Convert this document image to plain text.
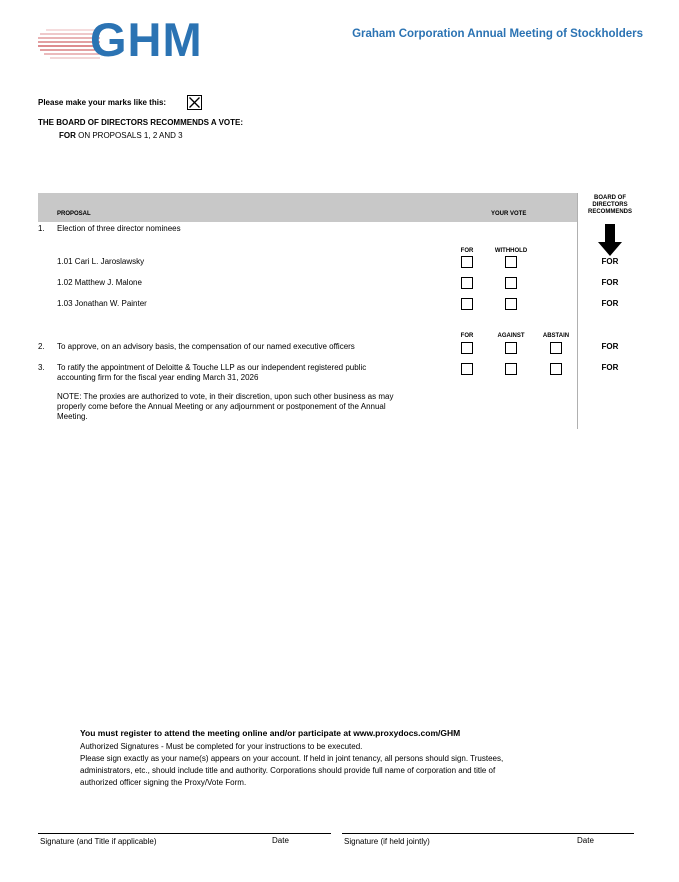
GHM	Graham Corporation Annual Meeting of Stockholders
Please make your marks like this:
THE BOARD OF DIRECTORS RECOMMENDS A VOTE:
FOR ON PROPOSALS 1, 2 AND 3
PROPOSAL	YOUR VOTE
BOARD OF DIRECTORS RECOMMENDS
1. Election of three director nominees
FOR	WITHHOLD
1.01 Cari L. Jaroslawsky	FOR
1.02 Matthew J. Malone	FOR
1.03 Jonathan W. Painter	FOR
FOR	AGAINST	ABSTAIN
2. To approve, on an advisory basis, the compensation of our named executive officers	FOR
3. To ratify the appointment of Deloitte & Touche LLP as our independent registered public
accounting firm for the fiscal year ending March 31, 2026
FOR
NOTE: The proxies are authorized to vote, in their discretion, upon such other business as may
properly come before the Annual Meeting or any adjournment or postponement of the Annual
Meeting.
You must register to attend the meeting online and/or participate at www.proxydocs.com/GHM
Authorized Signatures - Must be completed for your instructions to be executed.
Please sign exactly as your name(s) appears on your account. If held in joint tenancy, all persons should sign. Trustees,
administrators, etc., should include title and authority. Corporations should provide full name of corporation and title of
authorized officer signing the Proxy/Vote Form.
Signature (and Title if applicable)	Date	Signature (if held jointly)	Date
